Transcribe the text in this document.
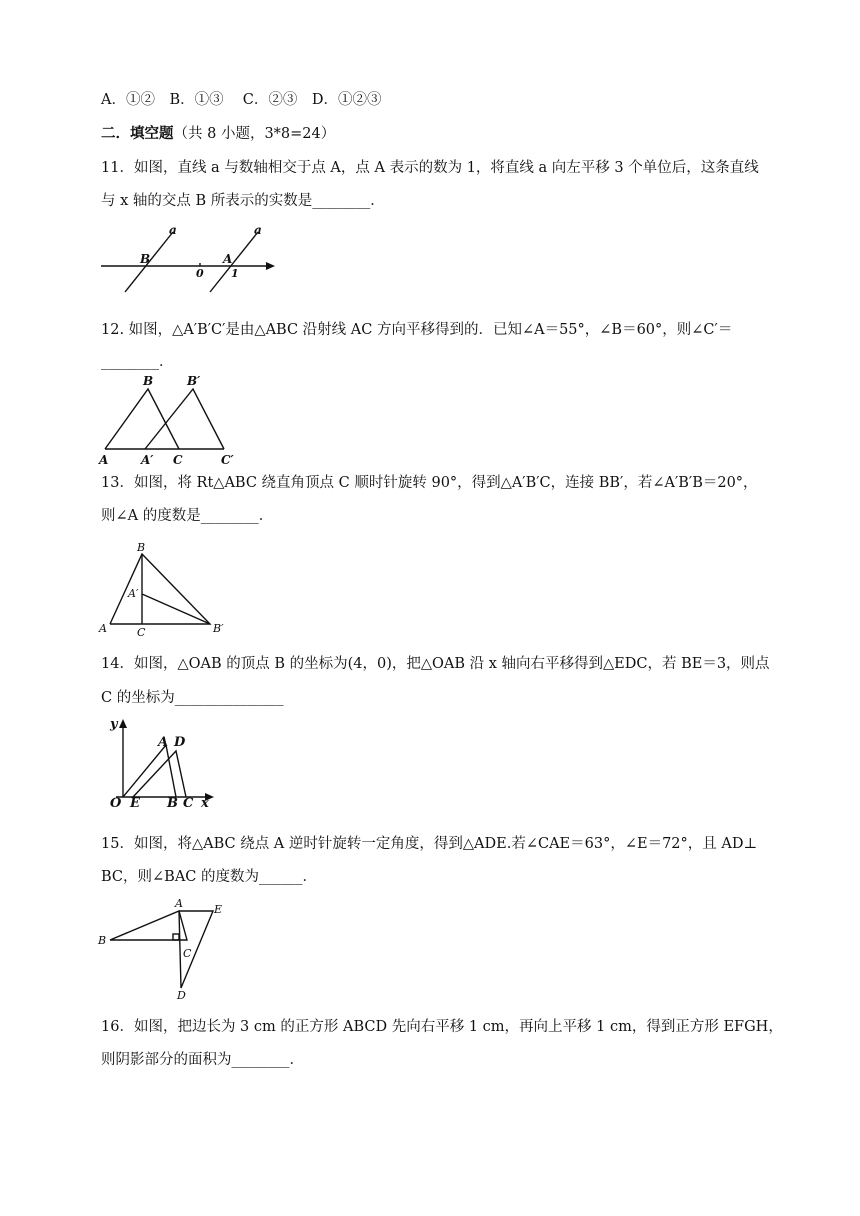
A．①②　B．①③　 C．②③　D．①②③
二．填空题（共 8 小题，3*8=24）
11．如图，直线 a 与数轴相交于点 A，点 A 表示的数为 1，将直线 a 向左平移 3 个单位后，这条直线
与 x 轴的交点 B 所表示的实数是________．
B
a
0
A
1
a
12. 如图，△A′B′C′是由△ABC 沿射线 AC 方向平移得到的．已知∠A＝55°，∠B＝60°，则∠C′＝
________．
B	B′
A	A′ C	C′
13．如图，将 Rt△ABC 绕直角顶点 C 顺时针旋转 90°，得到△A′B′C，连接 BB′，若∠A′B′B＝20°，
则∠A 的度数是________．
B
A′
A	C	B′
14．如图，△OAB 的顶点 B 的坐标为(4，0)，把△OAB 沿 x 轴向右平移得到△EDC，若 BE＝3，则点
C 的坐标为_______________
y
A D
O E B C x
15．如图，将△ABC 绕点 A 逆时针旋转一定角度，得到△ADE.若∠CAE＝63°，∠E＝72°，且 AD⊥
BC，则∠BAC 的度数为______．
A	E
B
C
D
16．如图，把边长为 3 cm 的正方形 ABCD 先向右平移 1 cm，再向上平移 1 cm，得到正方形 EFGH，
则阴影部分的面积为________．
